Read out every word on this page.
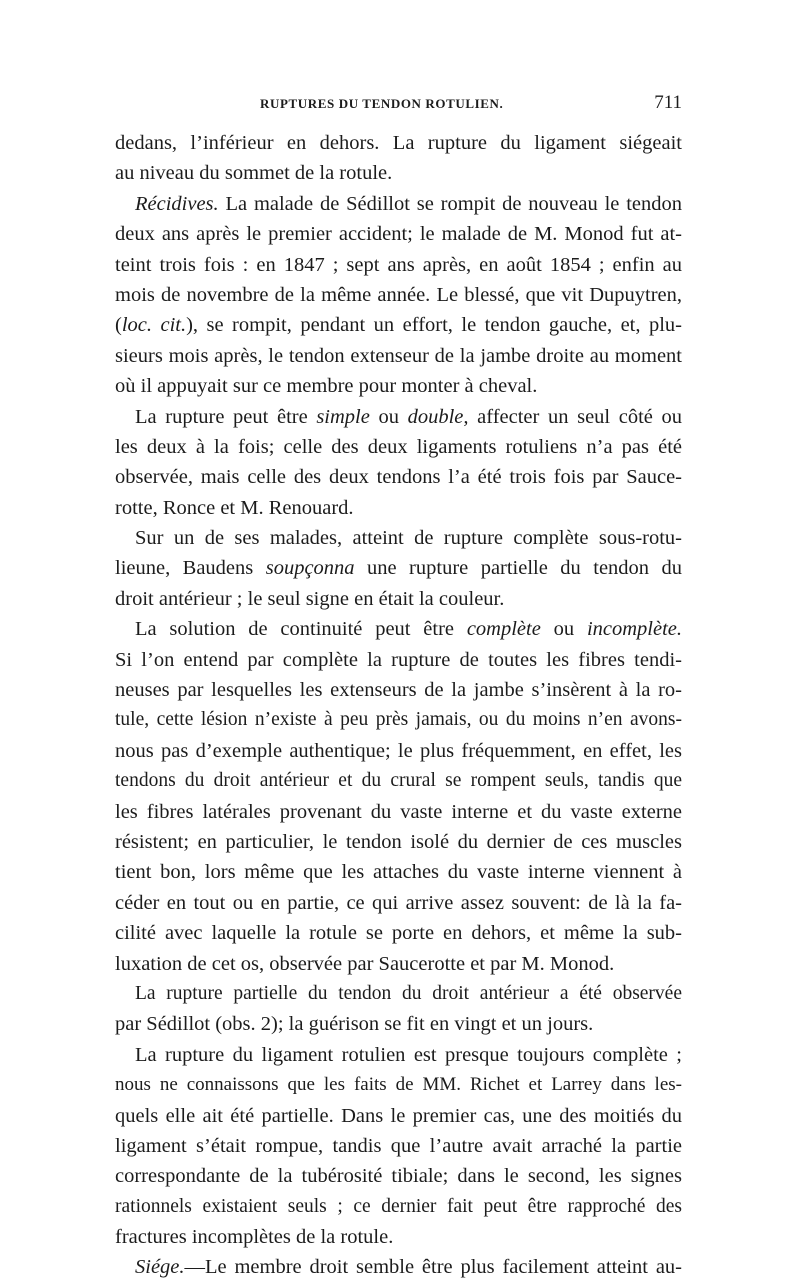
RUPTURES DU TENDON ROTULIEN.	711
dedans, l’inférieur en dehors. La rupture du ligament siégeait
au niveau du sommet de la rotule.
Récidives. La malade de Sédillot se rompit de nouveau le tendon
deux ans après le premier accident; le malade de M. Monod fut at-
teint trois fois : en 1847 ; sept ans après, en août 1854 ; enfin au
mois de novembre de la même année. Le blessé, que vit Dupuytren,
(loc. cit.), se rompit, pendant un effort, le tendon gauche, et, plu-
sieurs mois après, le tendon extenseur de la jambe droite au moment
où il appuyait sur ce membre pour monter à cheval.
La rupture peut être simple ou double, affecter un seul côté ou
les deux à la fois; celle des deux ligaments rotuliens n’a pas été
observée, mais celle des deux tendons l’a été trois fois par Sauce-
rotte, Ronce et M. Renouard.
Sur un de ses malades, atteint de rupture complète sous-rotu-
lieune, Baudens soupçonna une rupture partielle du tendon du
droit antérieur ; le seul signe en était la couleur.
La solution de continuité peut être complète ou incomplète.
Si l’on entend par complète la rupture de toutes les fibres tendi-
neuses par lesquelles les extenseurs de la jambe s’insèrent à la ro-
tule, cette lésion n’existe à peu près jamais, ou du moins n’en avons-
nous pas d’exemple authentique; le plus fréquemment, en effet, les
tendons du droit antérieur et du crural se rompent seuls, tandis que
les fibres latérales provenant du vaste interne et du vaste externe
résistent; en particulier, le tendon isolé du dernier de ces muscles
tient bon, lors même que les attaches du vaste interne viennent à
céder en tout ou en partie, ce qui arrive assez souvent: de là la fa-
cilité avec laquelle la rotule se porte en dehors, et même la sub-
luxation de cet os, observée par Saucerotte et par M. Monod.
La rupture partielle du tendon du droit antérieur a été observée
par Sédillot (obs. 2); la guérison se fit en vingt et un jours.
La rupture du ligament rotulien est presque toujours complète ;
nous ne connaissons que les faits de MM. Richet et Larrey dans les-
quels elle ait été partielle. Dans le premier cas, une des moitiés du
ligament s’était rompue, tandis que l’autre avait arraché la partie
correspondante de la tubérosité tibiale; dans le second, les signes
rationnels existaient seuls ; ce dernier fait peut être rapproché des
fractures incomplètes de la rotule.
Siége.—Le membre droit semble être plus facilement atteint au-
